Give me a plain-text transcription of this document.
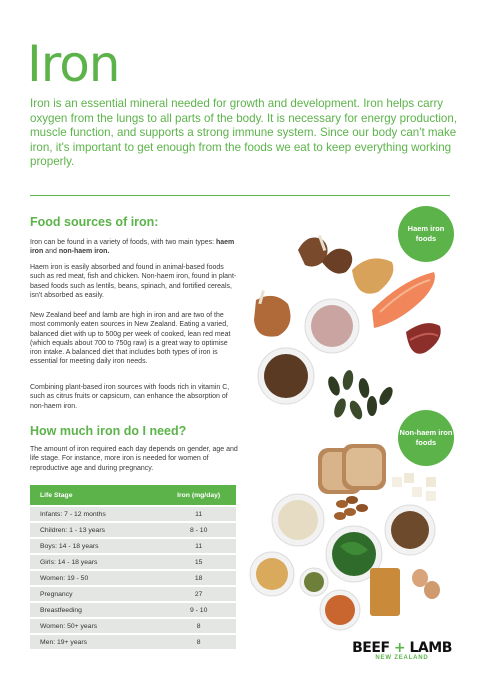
Iron

Iron is an essential mineral needed for growth and development. Iron helps carry oxygen from the lungs to all parts of the body. It is necessary for energy production, muscle function, and supports a strong immune system. Since our body can't make iron, it's important to get enough from the foods we eat to keep everything working properly.

Food sources of iron:

Iron can be found in a variety of foods, with two main types: haem iron and non-haem iron.

Haem iron is easily absorbed and found in animal-based foods such as red meat, fish and chicken. Non-haem iron, found in plant-based foods such as lentils, beans, spinach, and fortified cereals, isn't absorbed as easily.

New Zealand beef and lamb are high in iron and are two of the most commonly eaten sources in New Zealand. Eating a varied, balanced diet with up to 500g per week of cooked, lean red meat (which equals about 700 to 750g raw) is a great way to optimise iron intake. A balanced diet that includes both types of iron is essential for meeting daily iron needs.

Combining plant-based iron sources with foods rich in vitamin C, such as citrus fruits or capsicum, can enhance the absorption of non-haem iron.

How much iron do I need?

The amount of iron required each day depends on gender, age and life stage. For instance, more iron is needed for women of reproductive age and during pregnancy.

Life Stage	Iron (mg/day)
Infants: 7 - 12 months	11
Children: 1 - 13 years	8 - 10
Boys: 14 - 18 years	11
Girls: 14 - 18 years	15
Women: 19 - 50	18
Pregnancy	27
Breastfeeding	9 - 10
Women: 50+ years	8
Men: 19+ years	8
Haem iron foods
Non-haem iron foods
BEEF + LAMB
NEW ZEALAND
